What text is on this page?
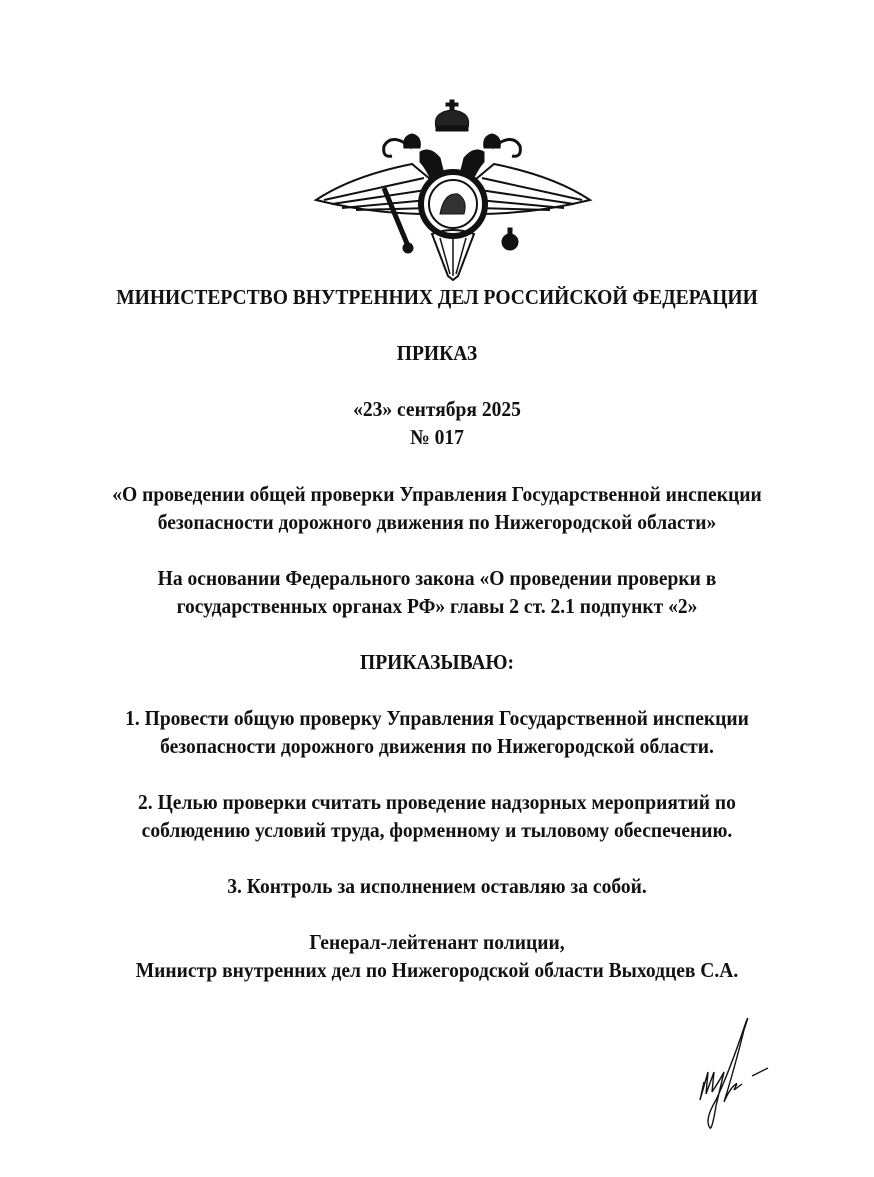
МИНИСТЕРСТВО ВНУТРЕННИХ ДЕЛ РОССИЙСКОЙ ФЕДЕРАЦИИ
ПРИКАЗ
«23» сентября 2025
№ 017
«О проведении общей проверки Управления Государственной инспекции
безопасности дорожного движения по Нижегородской области»
На основании Федерального закона «О проведении проверки в
государственных органах РФ» главы 2 ст. 2.1 подпункт «2»
ПРИКАЗЫВАЮ:
1. Провести общую проверку Управления Государственной инспекции
безопасности дорожного движения по Нижегородской области.
2. Целью проверки считать проведение надзорных мероприятий по
соблюдению условий труда, форменному и тыловому обеспечению.
3. Контроль за исполнением оставляю за собой.
Генерал-лейтенант полиции,
Министр внутренних дел по Нижегородской области Выходцев С.А.
